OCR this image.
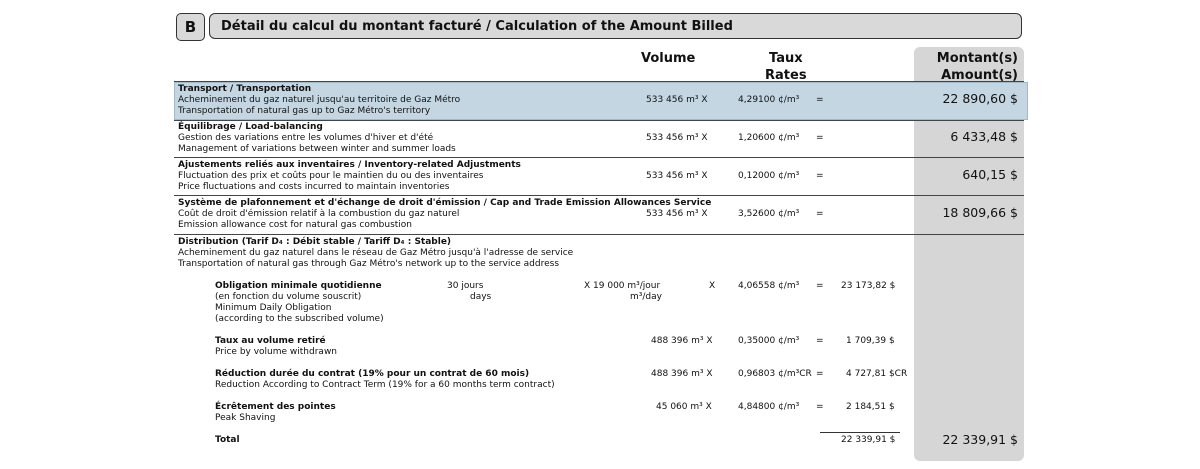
B	Détail du calcul du montant facturé / Calculation of the Amount Billed
Volume	Taux
Rates
Montant(s)
Amount(s)
Transport / Transportation
Acheminement du gaz naturel jusqu'au territoire de Gaz Métro
Transportation of natural gas up to Gaz Métro's territory
533 456 m³ X	4,29100 ¢/m³ =	22 890,60 $
Équilibrage / Load-balancing
Gestion des variations entre les volumes d'hiver et d'été
Management of variations between winter and summer loads
533 456 m³ X	1,20600 ¢/m³ =	6 433,48 $
Ajustements reliés aux inventaires / Inventory-related Adjustments
Fluctuation des prix et coûts pour le maintien du ou des inventaires
Price fluctuations and costs incurred to maintain inventories
533 456 m³ X	0,12000 ¢/m³ =	640,15 $
Système de plafonnement et d'échange de droit d'émission / Cap and Trade Emission Allowances Service
Coût de droit d'émission relatif à la combustion du gaz naturel
Emission allowance cost for natural gas combustion
533 456 m³ X	3,52600 ¢/m³ =	18 809,66 $
Distribution (Tarif D₄ : Débit stable / Tariff D₄ : Stable)
Acheminement du gaz naturel dans le réseau de Gaz Métro jusqu'à l'adresse de service
Transportation of natural gas through Gaz Métro's network up to the service address
Obligation minimale quotidienne
(en fonction du volume souscrit)
Minimum Daily Obligation
(according to the subscribed volume)
30 jours
days
X 19 000 m³/jour
m³/day
X	4,06558 ¢/m³ = 23 173,82 $
Taux au volume retiré
Price by volume withdrawn
488 396 m³ X	0,35000 ¢/m³ = 1 709,39 $
Réduction durée du contrat (19% pour un contrat de 60 mois)
Reduction According to Contract Term (19% for a 60 months term contract)
488 396 m³ X	0,96803 ¢/m³CR = 4 727,81 $CR
Écrêtement des pointes
Peak Shaving
45 060 m³ X	4,84800 ¢/m³ = 2 184,51 $
Total	22 339,91 $	22 339,91 $
